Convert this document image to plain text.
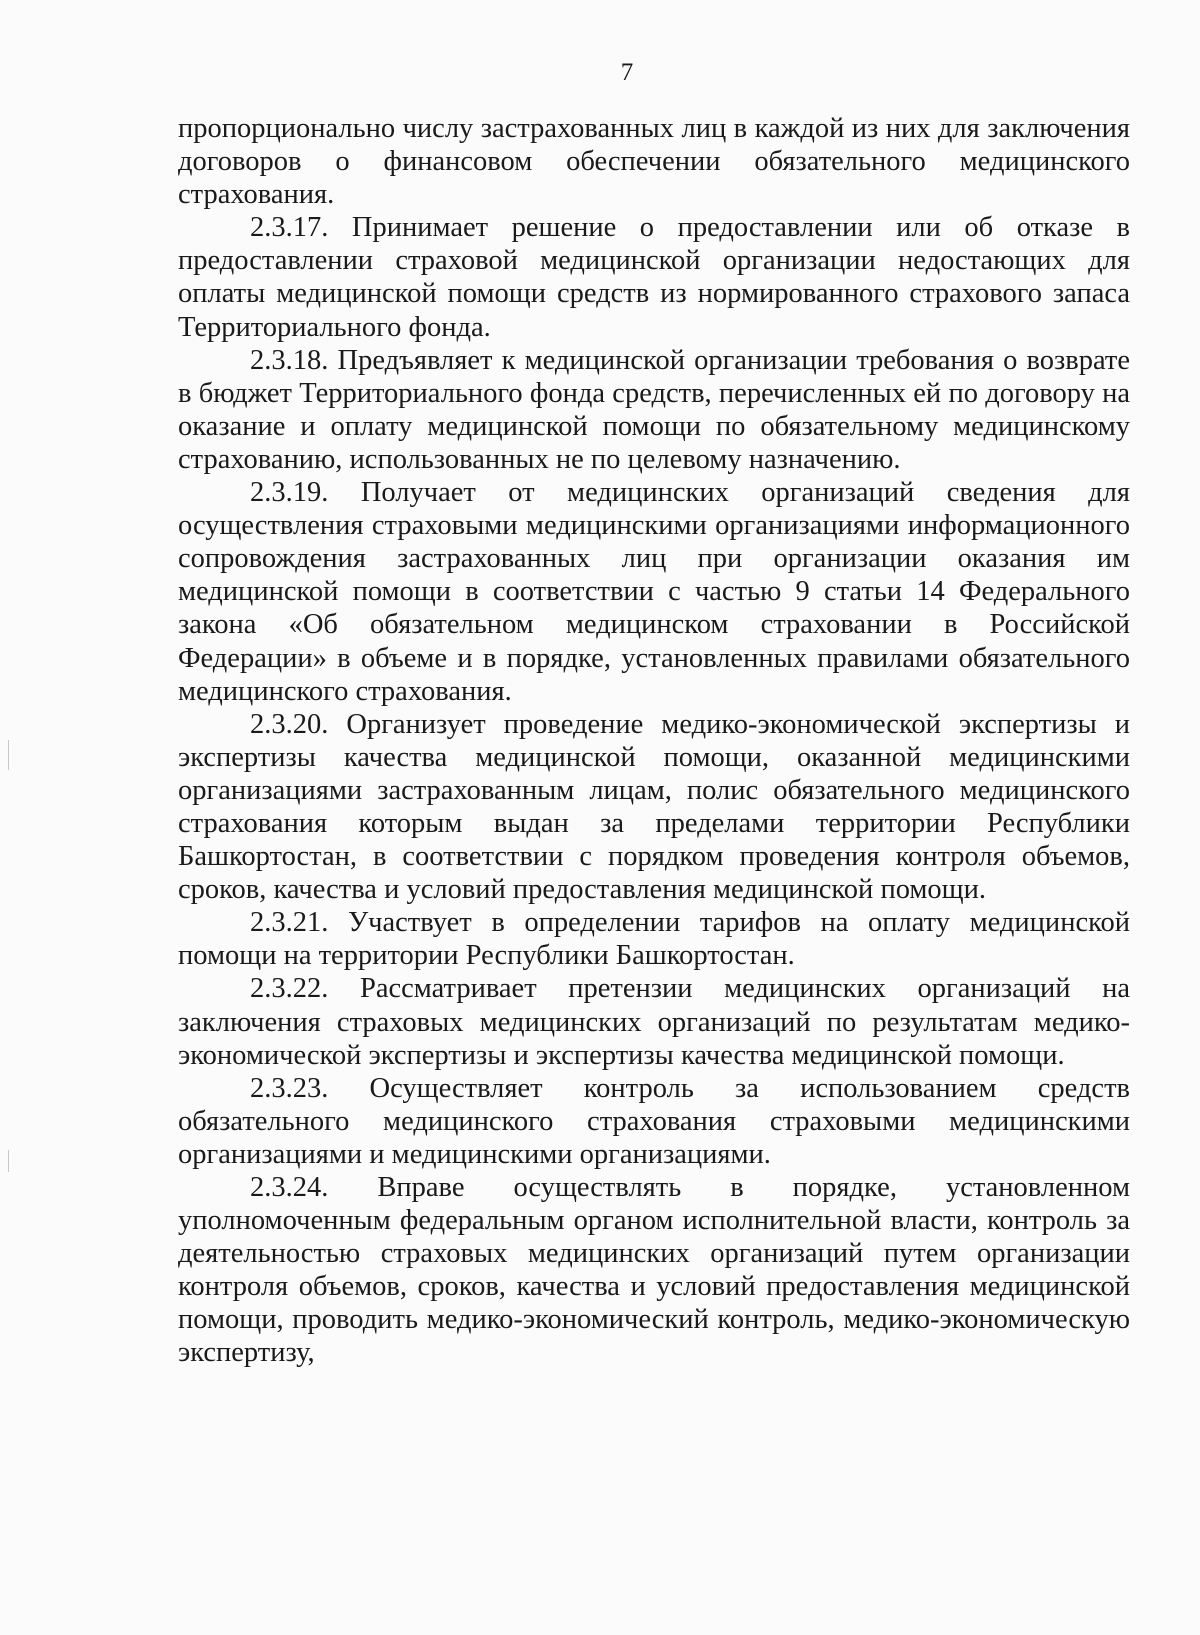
7

пропорционально числу застрахованных лиц в каждой из них для заключения договоров о финансовом обеспечении обязательного медицинского страхования.

2.3.17. Принимает решение о предоставлении или об отказе в предоставлении страховой медицинской организации недостающих для оплаты медицинской помощи средств из нормированного страхового запаса Территориального фонда.

2.3.18. Предъявляет к медицинской организации требования о возврате в бюджет Территориального фонда средств, перечисленных ей по договору на оказание и оплату медицинской помощи по обязательному медицинскому страхованию, использованных не по целевому назначению.

2.3.19. Получает от медицинских организаций сведения для осуществления страховыми медицинскими организациями информационного сопровождения застрахованных лиц при организации оказания им медицинской помощи в соответствии с частью 9 статьи 14 Федерального закона «Об обязательном медицинском страховании в Российской Федерации» в объеме и в порядке, установленных правилами обязательного медицинского страхования.

2.3.20. Организует проведение медико-экономической экспертизы и экспертизы качества медицинской помощи, оказанной медицинскими организациями застрахованным лицам, полис обязательного медицинского страхования которым выдан за пределами территории Республики Башкортостан, в соответствии с порядком проведения контроля объемов, сроков, качества и условий предоставления медицинской помощи.

2.3.21. Участвует в определении тарифов на оплату медицинской помощи на территории Республики Башкортостан.

2.3.22. Рассматривает претензии медицинских организаций на заключения страховых медицинских организаций по результатам медико-экономической экспертизы и экспертизы качества медицинской помощи.

2.3.23. Осуществляет контроль за использованием средств обязательного медицинского страхования страховыми медицинскими организациями и медицинскими организациями.

2.3.24. Вправе осуществлять в порядке, установленном уполномоченным федеральным органом исполнительной власти, контроль за деятельностью страховых медицинских организаций путем организации контроля объемов, сроков, качества и условий предоставления медицинской помощи, проводить медико-экономический контроль, медико-экономическую экспертизу,
